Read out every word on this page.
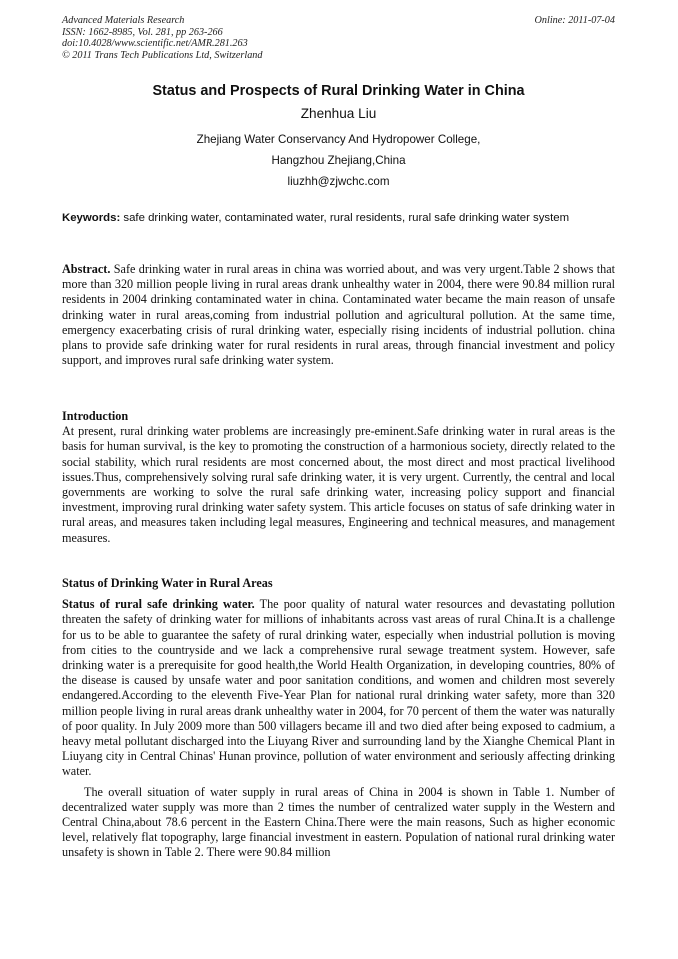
Advanced Materials Research
ISSN: 1662-8985, Vol. 281, pp 263-266
doi:10.4028/www.scientific.net/AMR.281.263
© 2011 Trans Tech Publications Ltd, Switzerland
Online: 2011-07-04
Status and Prospects of Rural Drinking Water in China
Zhenhua Liu
Zhejiang Water Conservancy And Hydropower College,
Hangzhou Zhejiang,China
liuzhh@zjwchc.com
Keywords: safe drinking water, contaminated water, rural residents, rural safe drinking water system

Abstract. Safe drinking water in rural areas in china was worried about, and was very urgent.Table 2 shows that more than 320 million people living in rural areas drank unhealthy water in 2004, there were 90.84 million rural residents in 2004 drinking contaminated water in china. Contaminated water became the main reason of unsafe drinking water in rural areas,coming from industrial pollution and agricultural pollution. At the same time, emergency exacerbating crisis of rural drinking water, especially rising incidents of industrial pollution. china plans to provide safe drinking water for rural residents in rural areas, through financial investment and policy support, and improves rural safe drinking water system.

Introduction

At present, rural drinking water problems are increasingly pre-eminent.Safe drinking water in rural areas is the basis for human survival, is the key to promoting the construction of a harmonious society, directly related to the social stability, which rural residents are most concerned about, the most direct and most practical livelihood issues.Thus, comprehensively solving rural safe drinking water, it is very urgent. Currently, the central and local governments are working to solve the rural safe drinking water, increasing policy support and financial investment, improving rural drinking water safety system. This article focuses on status of safe drinking water in rural areas, and measures taken including legal measures, Engineering and technical measures, and management measures.

Status of Drinking Water in Rural Areas

Status of rural safe drinking water. The poor quality of natural water resources and devastating pollution threaten the safety of drinking water for millions of inhabitants across vast areas of rural China.It is a challenge for us to be able to guarantee the safety of rural drinking water, especially when industrial pollution is moving from cities to the countryside and we lack a comprehensive rural sewage treatment system. However, safe drinking water is a prerequisite for good health,the World Health Organization, in developing countries, 80% of the disease is caused by unsafe water and poor sanitation conditions, and women and children most severely endangered.According to the eleventh Five-Year Plan for national rural drinking water safety, more than 320 million people living in rural areas drank unhealthy water in 2004, for 70 percent of them the water was naturally of poor quality. In July 2009 more than 500 villagers became ill and two died after being exposed to cadmium, a heavy metal pollutant discharged into the Liuyang River and surrounding land by the Xianghe Chemical Plant in Liuyang city in Central Chinas' Hunan province, pollution of water environment and seriously affecting drinking water.

The overall situation of water supply in rural areas of China in 2004 is shown in Table 1. Number of decentralized water supply was more than 2 times the number of centralized water supply in the Western and Central China,about 78.6 percent in the Eastern China.There were the main reasons, Such as higher economic level, relatively flat topography, large financial investment in eastern. Population of national rural drinking water unsafety is shown in Table 2. There were 90.84 million
